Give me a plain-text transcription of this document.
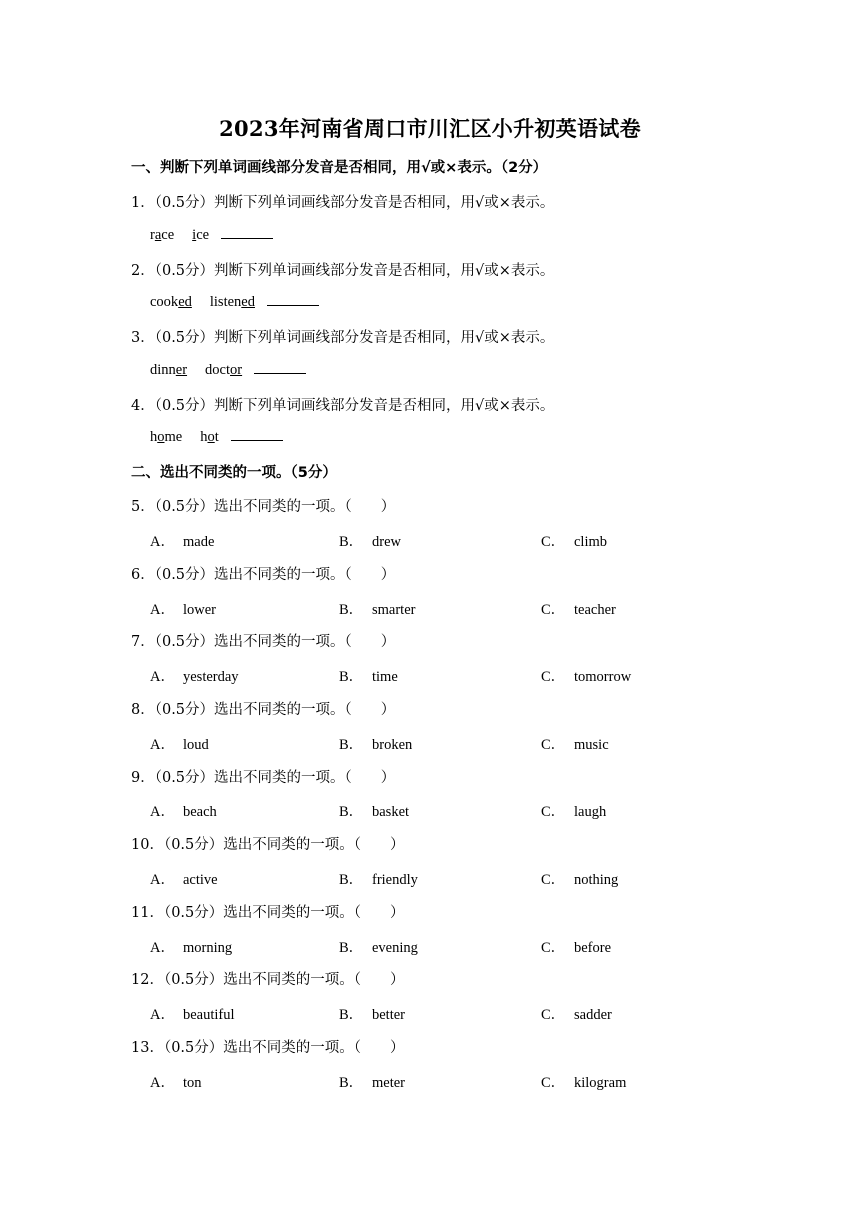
2023年河南省周口市川汇区小升初英语试卷
一、判断下列单词画线部分发音是否相同，用√或×表示。（2分）
1．（0.5分）判断下列单词画线部分发音是否相同，用√或×表示。
race ice
2．（0.5分）判断下列单词画线部分发音是否相同，用√或×表示。
cooked listened
3．（0.5分）判断下列单词画线部分发音是否相同，用√或×表示。
dinner doctor
4．（0.5分）判断下列单词画线部分发音是否相同，用√或×表示。
home hot
二、选出不同类的一项。（5分）
5．（0.5分）选出不同类的一项。（　　）
A． made	B． drew	C． climb
6．（0.5分）选出不同类的一项。（　　）
A． lower	B． smarter	C． teacher
7．（0.5分）选出不同类的一项。（　　）
A． yesterday	B． time	C． tomorrow
8．（0.5分）选出不同类的一项。（　　）
A． loud	B． broken	C． music
9．（0.5分）选出不同类的一项。（　　）
A． beach	B． basket	C． laugh
10．（0.5分）选出不同类的一项。（　　）
A． active	B． friendly	C． nothing
11．（0.5分）选出不同类的一项。（　　）
A． morning	B． evening	C． before
12．（0.5分）选出不同类的一项。（　　）
A． beautiful	B． better	C． sadder
13．（0.5分）选出不同类的一项。（　　）
A． ton	B． meter	C． kilogram
